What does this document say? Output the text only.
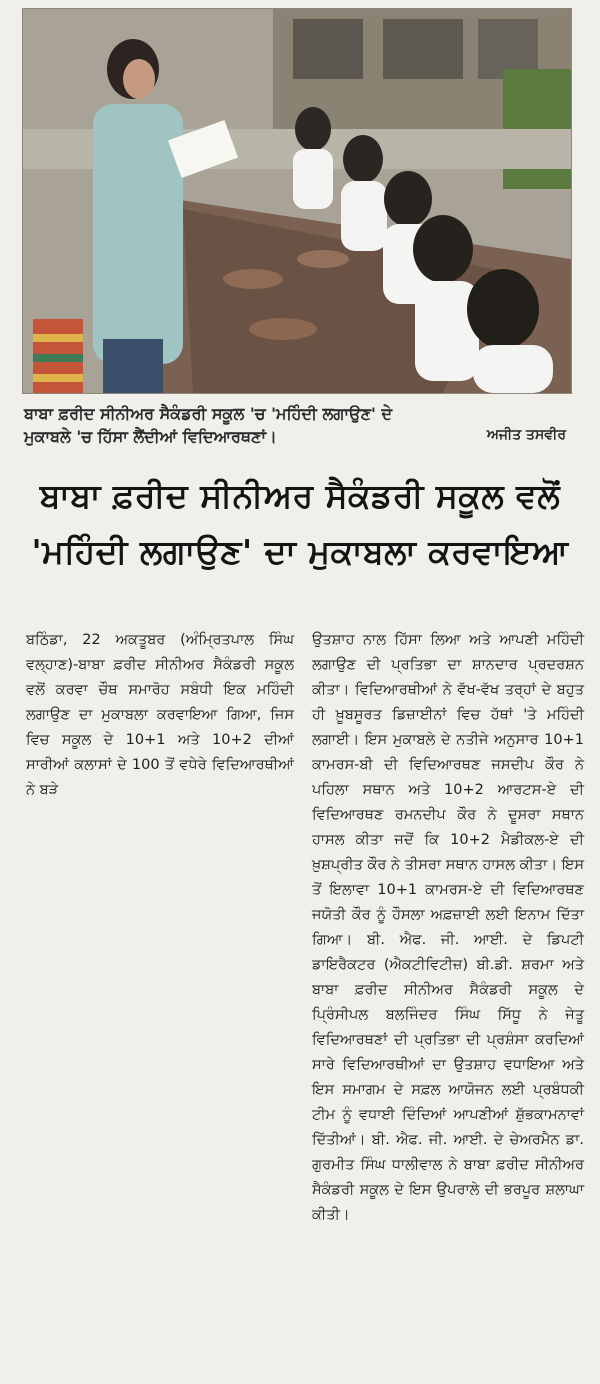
ਬਾਬਾ ਫ਼ਰੀਦ ਸੀਨੀਅਰ ਸੈਕੰਡਰੀ ਸਕੂਲ 'ਚ 'ਮਹਿੰਦੀ ਲਗਾਉਣ' ਦੇ
ਮੁਕਾਬਲੇ 'ਚ ਹਿੱਸਾ ਲੈਂਦੀਆਂ ਵਿਦਿਆਰਥਣਾਂ।	ਅਜੀਤ ਤਸਵੀਰ
ਬਾਬਾ ਫ਼ਰੀਦ ਸੀਨੀਅਰ ਸੈਕੰਡਰੀ ਸਕੂਲ ਵਲੋਂ
'ਮਹਿੰਦੀ ਲਗਾਉਣ' ਦਾ ਮੁਕਾਬਲਾ ਕਰਵਾਇਆ

ਬਠਿੰਡਾ, 22 ਅਕਤੂਬਰ (ਅੰਮ੍ਰਿਤਪਾਲ ਸਿੰਘ ਵਲ੍ਹਾਣ)-ਬਾਬਾ ਫ਼ਰੀਦ ਸੀਨੀਅਰ ਸੈਕੰਡਰੀ ਸਕੂਲ ਵਲੋਂ ਕਰਵਾ ਚੌਥ ਸਮਾਰੋਹ ਸਬੰਧੀ ਇਕ ਮਹਿੰਦੀ ਲਗਾਉਣ ਦਾ ਮੁਕਾਬਲਾ ਕਰਵਾਇਆ ਗਿਆ, ਜਿਸ ਵਿਚ ਸਕੂਲ ਦੇ 10+1 ਅਤੇ 10+2 ਦੀਆਂ ਸਾਰੀਆਂ ਕਲਾਸਾਂ ਦੇ 100 ਤੋਂ ਵਧੇਰੇ ਵਿਦਿਆਰਥੀਆਂ ਨੇ ਬੜੇ

ਉਤਸ਼ਾਹ ਨਾਲ ਹਿੱਸਾ ਲਿਆ ਅਤੇ ਆਪਣੀ ਮਹਿੰਦੀ ਲਗਾਉਣ ਦੀ ਪ੍ਰਤਿਭਾ ਦਾ ਸ਼ਾਨਦਾਰ ਪ੍ਰਦਰਸ਼ਨ ਕੀਤਾ। ਵਿਦਿਆਰਥੀਆਂ ਨੇ ਵੱਖ-ਵੱਖ ਤਰ੍ਹਾਂ ਦੇ ਬਹੁਤ ਹੀ ਖ਼ੂਬਸੂਰਤ ਡਿਜ਼ਾਈਨਾਂ ਵਿਚ ਹੱਥਾਂ 'ਤੇ ਮਹਿੰਦੀ ਲਗਾਈ। ਇਸ ਮੁਕਾਬਲੇ ਦੇ ਨਤੀਜੇ ਅਨੁਸਾਰ 10+1 ਕਾਮਰਸ-ਬੀ ਦੀ ਵਿਦਿਆਰਥਣ ਜਸਦੀਪ ਕੌਰ ਨੇ ਪਹਿਲਾ ਸਥਾਨ ਅਤੇ 10+2 ਆਰਟਸ-ਏ ਦੀ ਵਿਦਿਆਰਥਣ ਰਮਨਦੀਪ ਕੌਰ ਨੇ ਦੂਸਰਾ ਸਥਾਨ ਹਾਸਲ ਕੀਤਾ ਜਦੋਂ ਕਿ 10+2 ਮੈਡੀਕਲ-ਏ ਦੀ ਖ਼ੁਸ਼ਪ੍ਰੀਤ ਕੌਰ ਨੇ ਤੀਸਰਾ ਸਥਾਨ ਹਾਸਲ ਕੀਤਾ। ਇਸ ਤੋਂ ਇਲਾਵਾ 10+1 ਕਾਮਰਸ-ਏ ਦੀ ਵਿਦਿਆਰਥਣ ਜਯੋਤੀ ਕੌਰ ਨੂੰ ਹੌਸਲਾ ਅਫ਼ਜ਼ਾਈ ਲਈ ਇਨਾਮ ਦਿੱਤਾ ਗਿਆ। ਬੀ. ਐਫ. ਜੀ. ਆਈ. ਦੇ ਡਿਪਟੀ ਡਾਇਰੈਕਟਰ (ਐਕਟੀਵਿਟੀਜ਼) ਬੀ.ਡੀ. ਸ਼ਰਮਾ ਅਤੇ ਬਾਬਾ ਫ਼ਰੀਦ ਸੀਨੀਅਰ ਸੈਕੰਡਰੀ ਸਕੂਲ ਦੇ ਪ੍ਰਿੰਸੀਪਲ ਬਲਜਿੰਦਰ ਸਿੰਘ ਸਿੱਧੂ ਨੇ ਜੇਤੂ ਵਿਦਿਆਰਥਣਾਂ ਦੀ ਪ੍ਰਤਿਭਾ ਦੀ ਪ੍ਰਸ਼ੰਸਾ ਕਰਦਿਆਂ ਸਾਰੇ ਵਿਦਿਆਰਥੀਆਂ ਦਾ ਉਤਸ਼ਾਹ ਵਧਾਇਆ ਅਤੇ ਇਸ ਸਮਾਗਮ ਦੇ ਸਫ਼ਲ ਆਯੋਜਨ ਲਈ ਪ੍ਰਬੰਧਕੀ ਟੀਮ ਨੂੰ ਵਧਾਈ ਦਿੰਦਿਆਂ ਆਪਣੀਆਂ ਸ਼ੁੱਭਕਾਮਨਾਵਾਂ ਦਿੱਤੀਆਂ। ਬੀ. ਐਫ. ਜੀ. ਆਈ. ਦੇ ਚੇਅਰਮੈਨ ਡਾ. ਗੁਰਮੀਤ ਸਿੰਘ ਧਾਲੀਵਾਲ ਨੇ ਬਾਬਾ ਫ਼ਰੀਦ ਸੀਨੀਅਰ ਸੈਕੰਡਰੀ ਸਕੂਲ ਦੇ ਇਸ ਉਪਰਾਲੇ ਦੀ ਭਰਪੂਰ ਸ਼ਲਾਘਾ ਕੀਤੀ।
